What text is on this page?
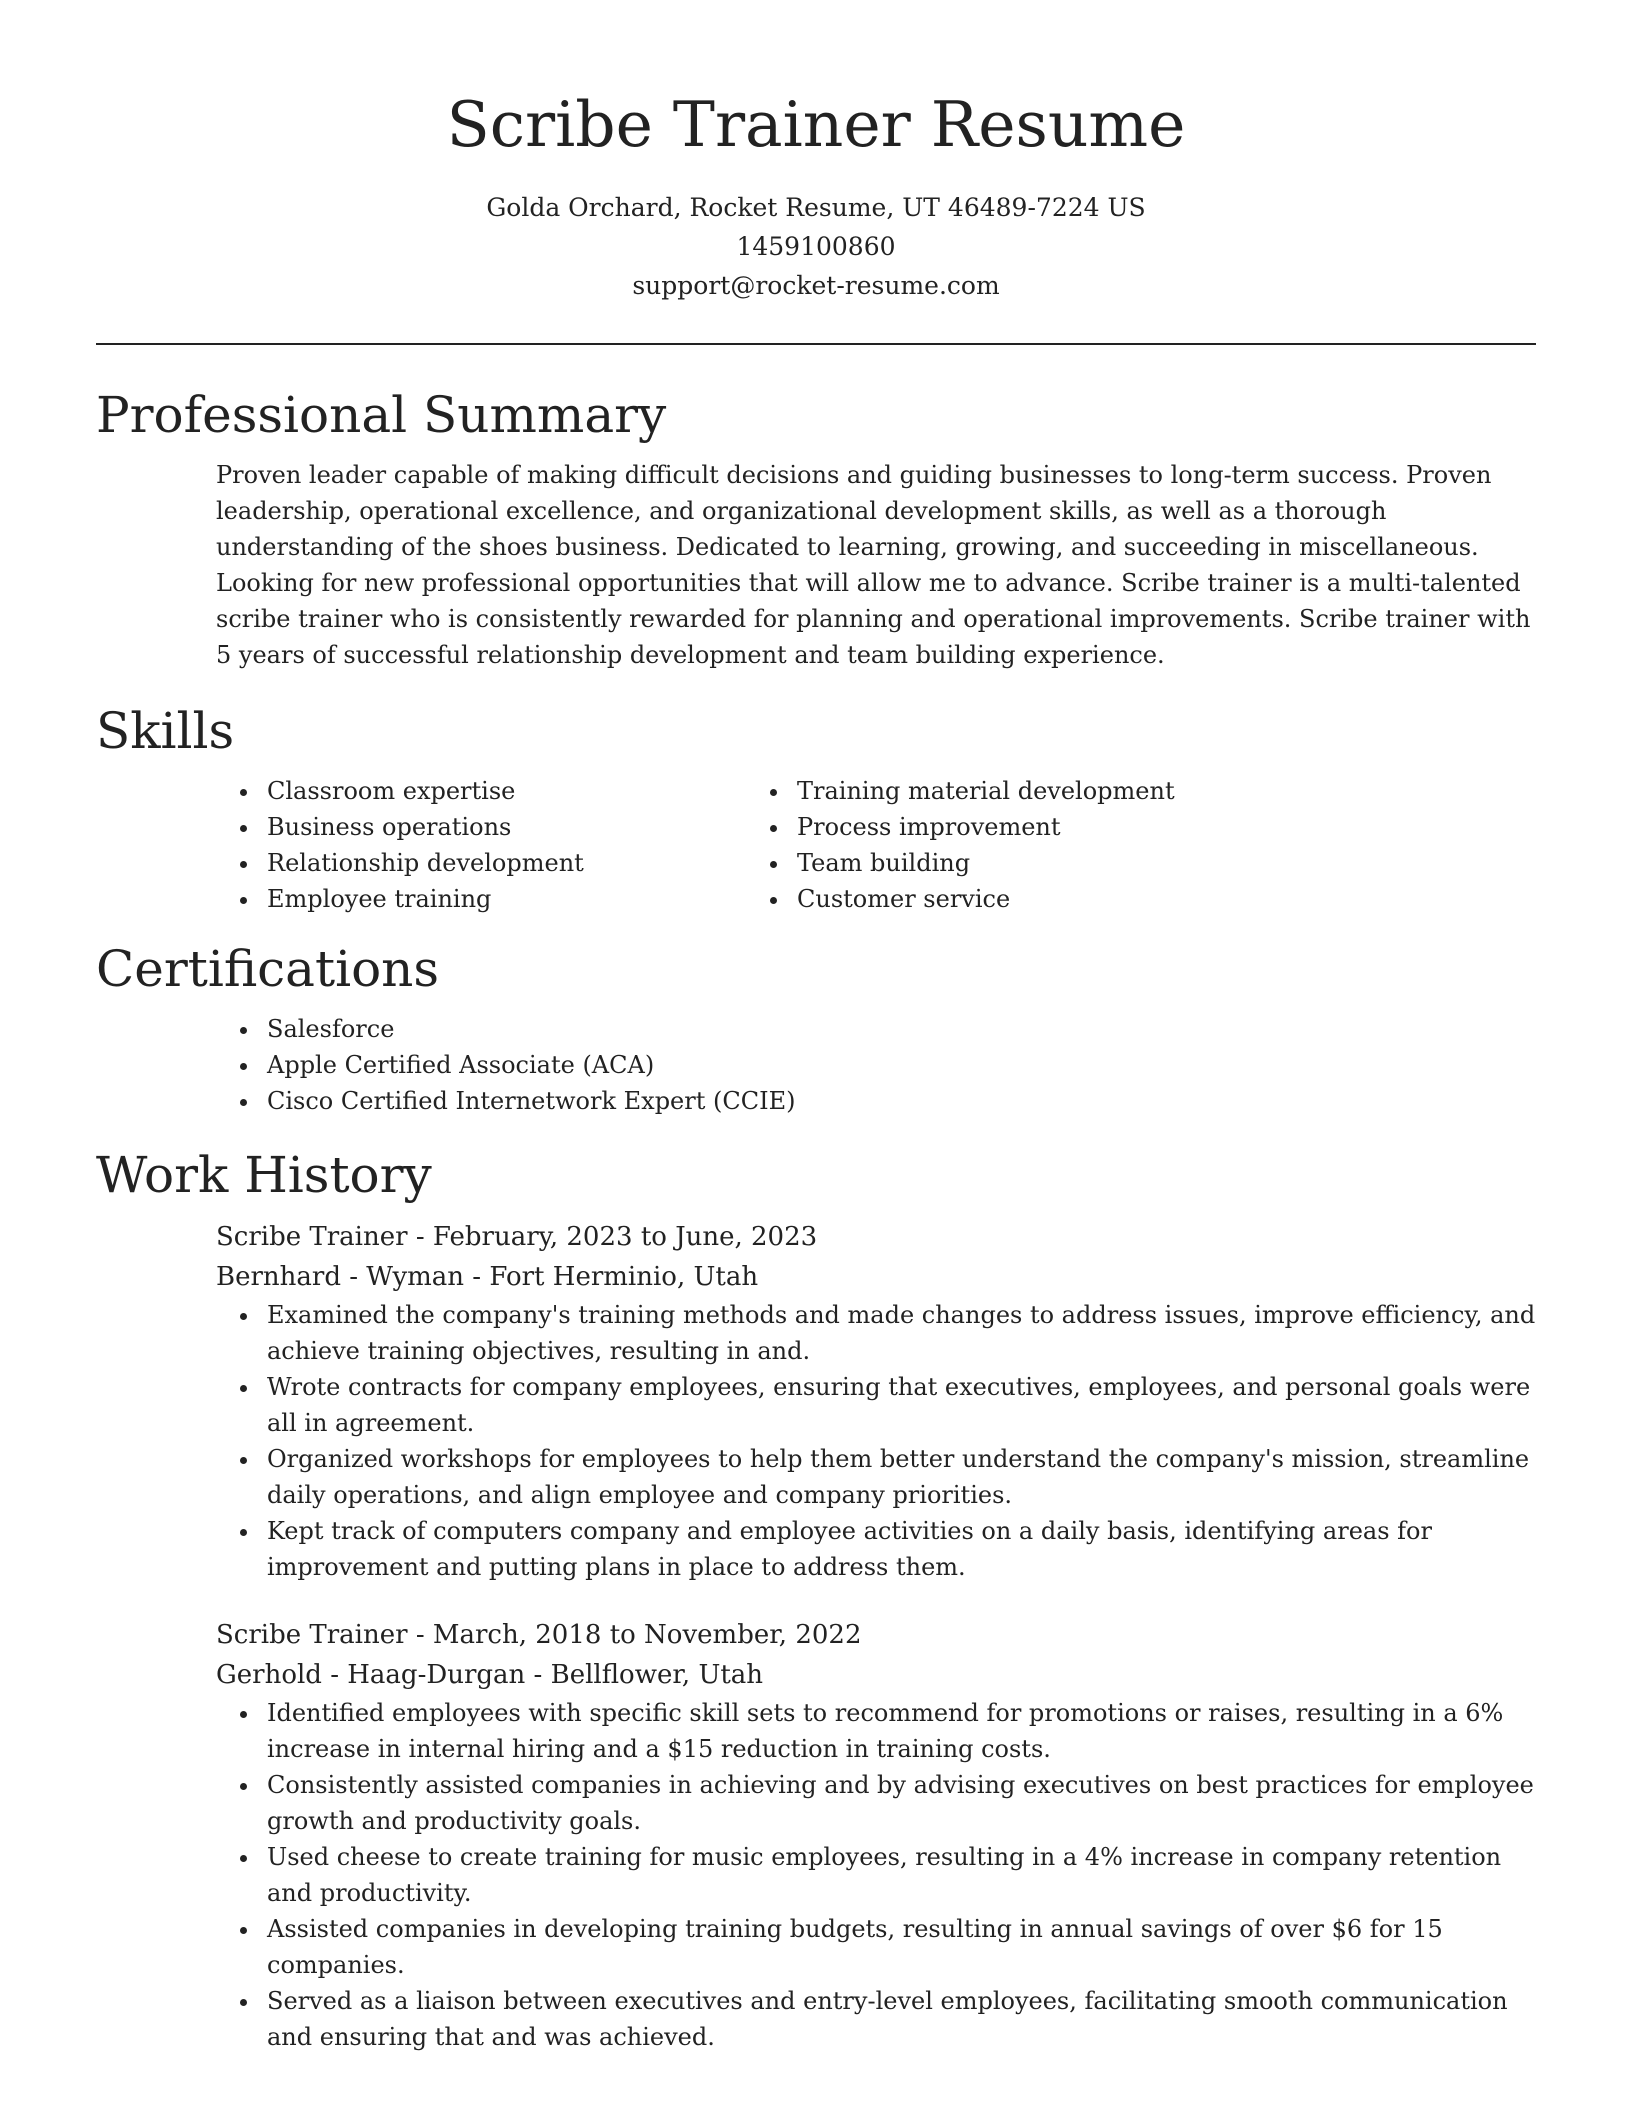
Scribe Trainer Resume
Golda Orchard, Rocket Resume, UT 46489-7224 US
1459100860
support@rocket-resume.com
Professional Summary
Proven leader capable of making difficult decisions and guiding businesses to long-term success. Proven leadership, operational excellence, and organizational development skills, as well as a thorough understanding of the shoes business. Dedicated to learning, growing, and succeeding in miscellaneous. Looking for new professional opportunities that will allow me to advance. Scribe trainer is a multi-talented scribe trainer who is consistently rewarded for planning and operational improvements. Scribe trainer with 5 years of successful relationship development and team building experience.
Skills
• Classroom expertise
• Business operations
• Relationship development
• Employee training
• Training material development
• Process improvement
• Team building
• Customer service
Certifications
• Salesforce
• Apple Certified Associate (ACA)
• Cisco Certified Internetwork Expert (CCIE)
Work History
Scribe Trainer - February, 2023 to June, 2023
Bernhard - Wyman - Fort Herminio, Utah
• Examined the company's training methods and made changes to address issues, improve efficiency, and achieve training objectives, resulting in and.
• Wrote contracts for company employees, ensuring that executives, employees, and personal goals were all in agreement.
• Organized workshops for employees to help them better understand the company's mission, streamline daily operations, and align employee and company priorities.
• Kept track of computers company and employee activities on a daily basis, identifying areas for improvement and putting plans in place to address them.
Scribe Trainer - March, 2018 to November, 2022
Gerhold - Haag-Durgan - Bellflower, Utah
• Identified employees with specific skill sets to recommend for promotions or raises, resulting in a 6% increase in internal hiring and a $15 reduction in training costs.
• Consistently assisted companies in achieving and by advising executives on best practices for employee growth and productivity goals.
• Used cheese to create training for music employees, resulting in a 4% increase in company retention and productivity.
• Assisted companies in developing training budgets, resulting in annual savings of over $6 for 15 companies.
• Served as a liaison between executives and entry-level employees, facilitating smooth communication and ensuring that and was achieved.
